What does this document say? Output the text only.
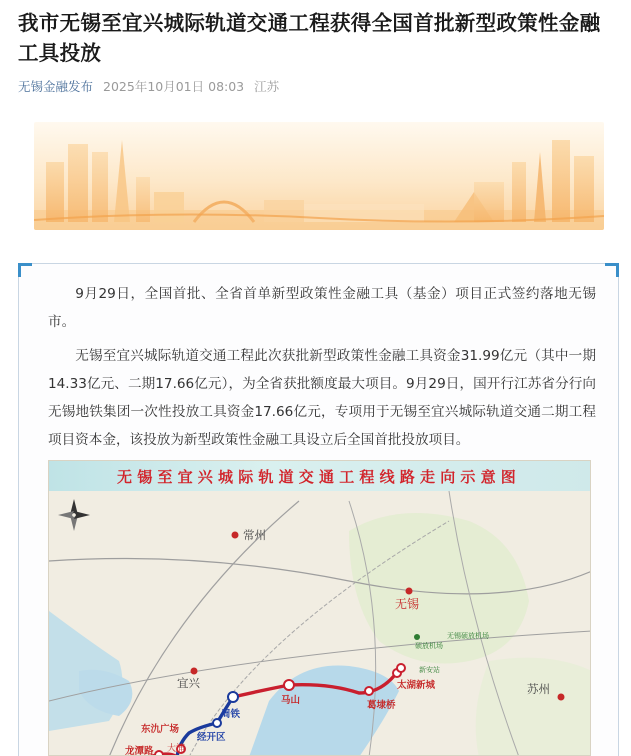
我市无锡至宜兴城际轨道交通工程获得全国首批新型政策性金融工具投放
无锡金融发布 2025年10月01日 08:03 江苏

9月29日，全国首批、全省首单新型政策性金融工具（基金）项目正式签约落地无锡市。

无锡至宜兴城际轨道交通工程此次获批新型政策性金融工具资金31.99亿元（其中一期14.33亿元、二期17.66亿元），为全省获批额度最大项目。9月29日，国开行江苏省分行向无锡地铁集团一次性投放工具资金17.66亿元，专项用于无锡至宜兴城际轨道交通二期工程项目资本金，该投放为新型政策性金融工具设立后全国首批投放项目。

无锡至宜兴城际轨道交通工程线路走向示意图
常州
无锡
宜兴	苏州
周铁
马山	葛埭桥
太湖新城
新安站
无锡硕放机场
硕放机场
经开区
东氿广场
龙潭路 大浦
